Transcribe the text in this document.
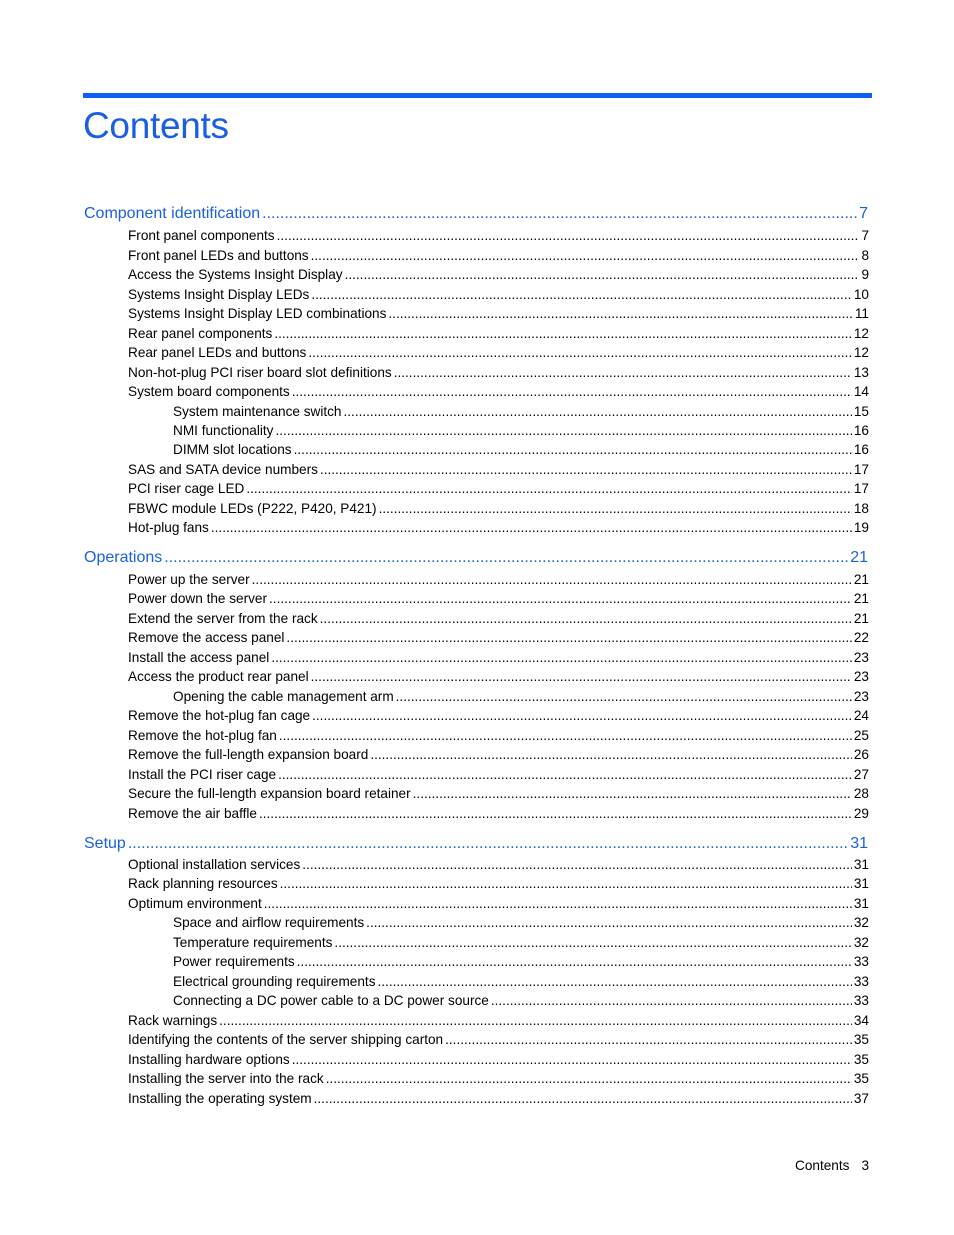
Contents
Component identification .....	7
Front panel components .....	7
Front panel LEDs and buttons .....	8
Access the Systems Insight Display .....	9
Systems Insight Display LEDs .....	10
Systems Insight Display LED combinations .....	11
Rear panel components .....	12
Rear panel LEDs and buttons .....	12
Non-hot-plug PCI riser board slot definitions .....	13
System board components .....	14
System maintenance switch .....	15
NMI functionality .....	16
DIMM slot locations .....	16
SAS and SATA device numbers .....	17
PCI riser cage LED .....	17
FBWC module LEDs (P222, P420, P421) .....	18
Hot-plug fans .....	19
Operations .....	21
Power up the server .....	21
Power down the server .....	21
Extend the server from the rack .....	21
Remove the access panel .....	22
Install the access panel .....	23
Access the product rear panel .....	23
Opening the cable management arm .....	23
Remove the hot-plug fan cage .....	24
Remove the hot-plug fan .....	25
Remove the full-length expansion board .....	26
Install the PCI riser cage .....	27
Secure the full-length expansion board retainer .....	28
Remove the air baffle .....	29
Setup .....	31
Optional installation services .....	31
Rack planning resources .....	31
Optimum environment .....	31
Space and airflow requirements .....	32
Temperature requirements .....	32
Power requirements .....	33
Electrical grounding requirements .....	33
Connecting a DC power cable to a DC power source .....	33
Rack warnings .....	34
Identifying the contents of the server shipping carton .....	35
Installing hardware options .....	35
Installing the server into the rack .....	35
Installing the operating system .....	37
Contents 3
